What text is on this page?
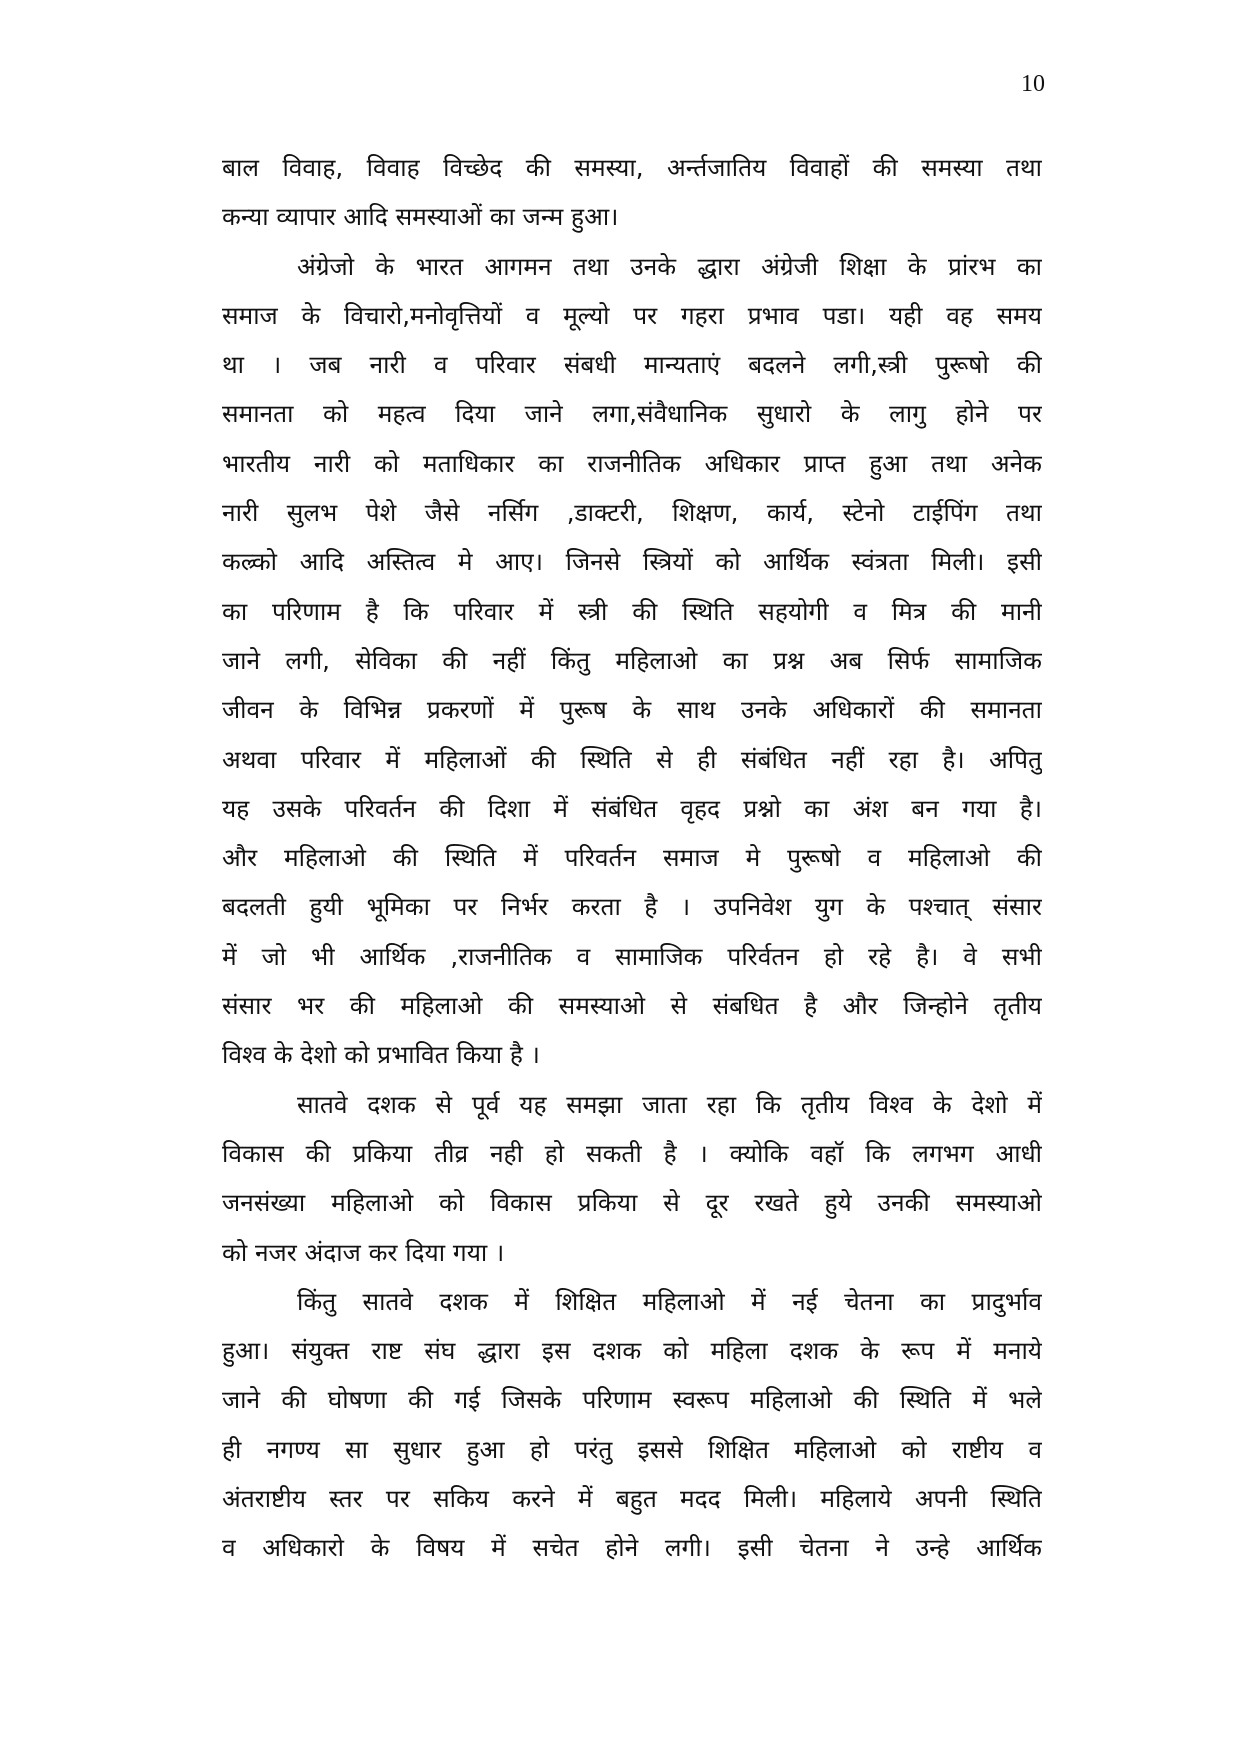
10
बाल विवाह, विवाह विच्छेद की समस्या, अर्न्तजातिय विवाहों की समस्या तथा
कन्या व्यापार आदि समस्याओं का जन्म हुआ।
अंग्रेजो के भारत आगमन तथा उनके द्धारा अंग्रेजी शिक्षा के प्रांरभ का
समाज के विचारो,मनोवृत्तियों व मूल्यो पर गहरा प्रभाव पडा। यही वह समय
था । जब नारी व परिवार संबधी मान्यताएं बदलने लगी,स्त्री पुरूषो की
समानता को महत्व दिया जाने लगा,संवैधानिक सुधारो के लागु होने पर
भारतीय नारी को मताधिकार का राजनीतिक अधिकार प्राप्त हुआ तथा अनेक
नारी सुलभ पेशे जैसे नर्सिग ,डाक्टरी, शिक्षण, कार्य, स्टेनो टाईपिंग तथा
कल्र्को आदि अस्तित्व मे आए। जिनसे स्त्रियों को आर्थिक स्वंत्रता मिली। इसी
का परिणाम है कि परिवार में स्त्री की स्थिति सहयोगी व मित्र की मानी
जाने लगी, सेविका की नहीं किंतु महिलाओ का प्रश्न अब सिर्फ सामाजिक
जीवन के विभिन्न प्रकरणों में पुरूष के साथ उनके अधिकारों की समानता
अथवा परिवार में महिलाओं की स्थिति से ही संबंधित नहीं रहा है। अपितु
यह उसके परिवर्तन की दिशा में संबंधित वृहद प्रश्नो का अंश बन गया है।
और महिलाओ की स्थिति में परिवर्तन समाज मे पुरूषो व महिलाओ की
बदलती हुयी भूमिका पर निर्भर करता है । उपनिवेश युग के पश्चात् संसार
में जो भी आर्थिक ,राजनीतिक व सामाजिक परिर्वतन हो रहे है। वे सभी
संसार भर की महिलाओ की समस्याओ से संबधित है और जिन्होने तृतीय
विश्व के देशो को प्रभावित किया है ।
सातवे दशक से पूर्व यह समझा जाता रहा कि तृतीय विश्व के देशो में
विकास की प्रकिया तीव्र नही हो सकती है । क्योकि वहॉ कि लगभग आधी
जनसंख्या महिलाओ को विकास प्रकिया से दूर रखते हुये उनकी समस्याओ
को नजर अंदाज कर दिया गया ।
किंतु सातवे दशक में शिक्षित महिलाओ में नई चेतना का प्रादुर्भाव
हुआ। संयुक्त राष्ट संघ द्धारा इस दशक को महिला दशक के रूप में मनाये
जाने की घोषणा की गई जिसके परिणाम स्वरूप महिलाओ की स्थिति में भले
ही नगण्य सा सुधार हुआ हो परंतु इससे शिक्षित महिलाओ को राष्टीय व
अंतराष्टीय स्तर पर सकिय करने में बहुत मदद मिली। महिलाये अपनी स्थिति
व अधिकारो के विषय में सचेत होने लगी। इसी चेतना ने उन्हे आर्थिक
